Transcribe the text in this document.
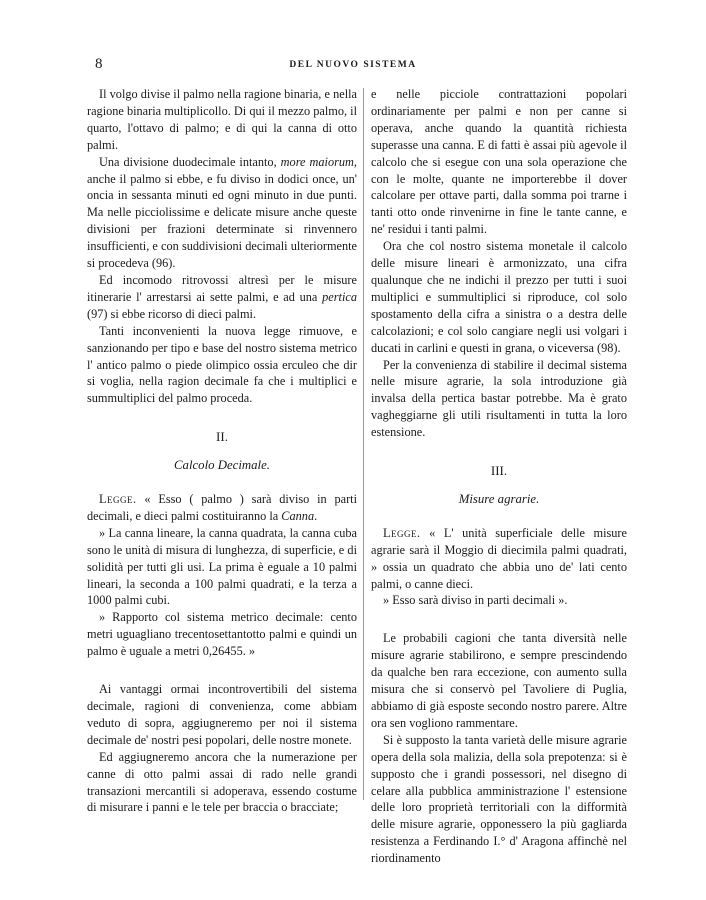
8	DEL NUOVO SISTEMA

Il volgo divise il palmo nella ragione binaria, e nella ragione binaria multiplicollo. Di qui il mezzo palmo, il quarto, l'ottavo di palmo; e di qui la canna di otto palmi.

Una divisione duodecimale intanto, more maiorum, anche il palmo si ebbe, e fu diviso in dodici once, un' oncia in sessanta minuti ed ogni minuto in due punti. Ma nelle picciolissime e delicate misure anche queste divisioni per frazioni determinate si rinvennero insufficienti, e con suddivisioni decimali ulteriormente si procedeva (96).

Ed incomodo ritrovossi altresì per le misure itinerarie l' arrestarsi ai sette palmi, e ad una pertica (97) si ebbe ricorso di dieci palmi.

Tanti inconvenienti la nuova legge rimuove, e sanzionando per tipo e base del nostro sistema metrico l' antico palmo o piede olimpico ossia erculeo che dir si voglia, nella ragion decimale fa che i multiplici e summultiplici del palmo proceda.

II.

Calcolo Decimale.

Legge. « Esso ( palmo ) sarà diviso in parti decimali, e dieci palmi costituiranno la Canna.

» La canna lineare, la canna quadrata, la canna cuba sono le unità di misura di lunghezza, di superficie, e di solidità per tutti gli usi. La prima è eguale a 10 palmi lineari, la seconda a 100 palmi quadrati, e la terza a 1000 palmi cubi.

» Rapporto col sistema metrico decimale: cento metri uguagliano trecentosettantotto palmi e quindi un palmo è uguale a metri 0,26455. »

Ai vantaggi ormai incontrovertibili del sistema decimale, ragioni di convenienza, come abbiam veduto di sopra, aggiugneremo per noi il sistema decimale de' nostri pesi popolari, delle nostre monete.

Ed aggiugneremo ancora che la numerazione per canne di otto palmi assai di rado nelle grandi transazioni mercantili si adoperava, essendo costume di misurare i panni e le tele per braccia o bracciate;

e nelle picciole contrattazioni popolari ordinariamente per palmi e non per canne si operava, anche quando la quantità richiesta superasse una canna. E di fatti è assai più agevole il calcolo che si esegue con una sola operazione che con le molte, quante ne importerebbe il dover calcolare per ottave parti, dalla somma poi trarne i tanti otto onde rinvenirne in fine le tante canne, e ne' residui i tanti palmi.

Ora che col nostro sistema monetale il calcolo delle misure lineari è armonizzato, una cifra qualunque che ne indichi il prezzo per tutti i suoi multiplici e summultiplici si riproduce, col solo spostamento della cifra a sinistra o a destra delle calcolazioni; e col solo cangiare negli usi volgari i ducati in carlini e questi in grana, o viceversa (98).

Per la convenienza di stabilire il decimal sistema nelle misure agrarie, la sola introduzione già invalsa della pertica bastar potrebbe. Ma è grato vagheggiarne gli utili risultamenti in tutta la loro estensione.

III.

Misure agrarie.

Legge. « L' unità superficiale delle misure agrarie sarà il Moggio di diecimila palmi quadrati, » ossia un quadrato che abbia uno de' lati cento palmi, o canne dieci.

» Esso sarà diviso in parti decimali ».

Le probabili cagioni che tanta diversità nelle misure agrarie stabilirono, e sempre prescindendo da qualche ben rara eccezione, con aumento sulla misura che si conservò pel Tavoliere di Puglia, abbiamo di già esposte secondo nostro parere. Altre ora sen vogliono rammentare.

Si è supposto la tanta varietà delle misure agrarie opera della sola malizia, della sola prepotenza: si è supposto che i grandi possessori, nel disegno di celare alla pubblica amministrazione l' estensione delle loro proprietà territoriali con la difformità delle misure agrarie, opponessero la più gagliarda resistenza a Ferdinando I.° d' Aragona affinchè nel riordinamento
